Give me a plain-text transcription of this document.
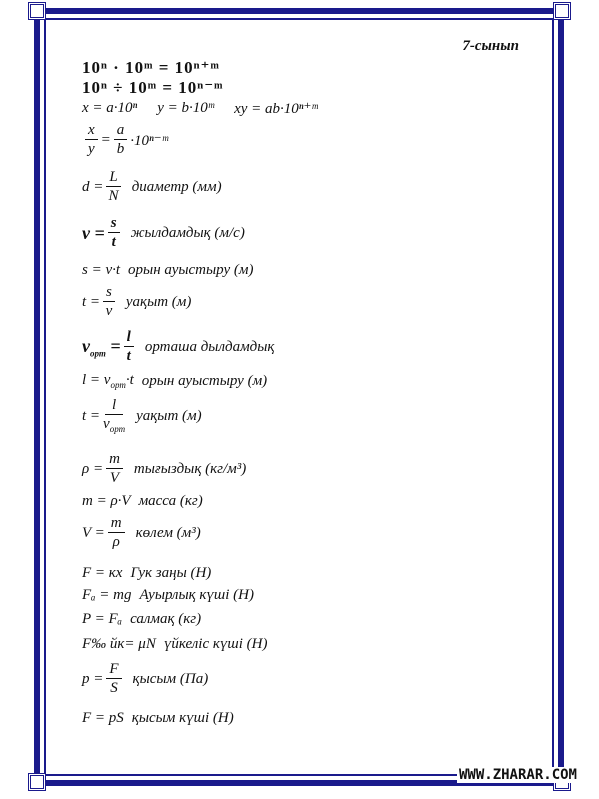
7-сынып
10ⁿ · 10ᵐ = 10ⁿ⁺ᵐ
10ⁿ ÷ 10ᵐ = 10ⁿ⁻ᵐ
x = a·10ⁿ y = b·10ᵐ xy = ab·10ⁿ⁺ᵐ
$\frac{x}{y} = \frac{a}{b}$ ·10ⁿ⁻ᵐ
$d = \frac{L}{N}$ диаметр (мм)
$v = \frac{s}{t}$ жылдамдық (м/с)
s = v·t орын ауыстыру (м)
$t = \frac{s}{v}$ уақыт (м)
$v_{орт} = \frac{l}{t}$ орташа дылдамдық
$l = v_{орт}\cdot t$ орын ауыстыру (м)
$t = \frac{l}{v_{орт}}$ уақыт (м)
$\rho = \frac{m}{V}$ тығыздық (кг/м³)
m = ρ·V масса (кг)
$V = \frac{m}{\rho}$ көлем (м³)
F = кx Гук заңы (Н)
Fₐ = mg Ауырлық күші (Н)
P = Fₐ салмақ (кг)
F‰ йк= μN үйкеліс күші (Н)
$p = \frac{F}{S}$ қысым (Па)
F = pS қысым күші (Н)
WWW.ZHARAR.COM
